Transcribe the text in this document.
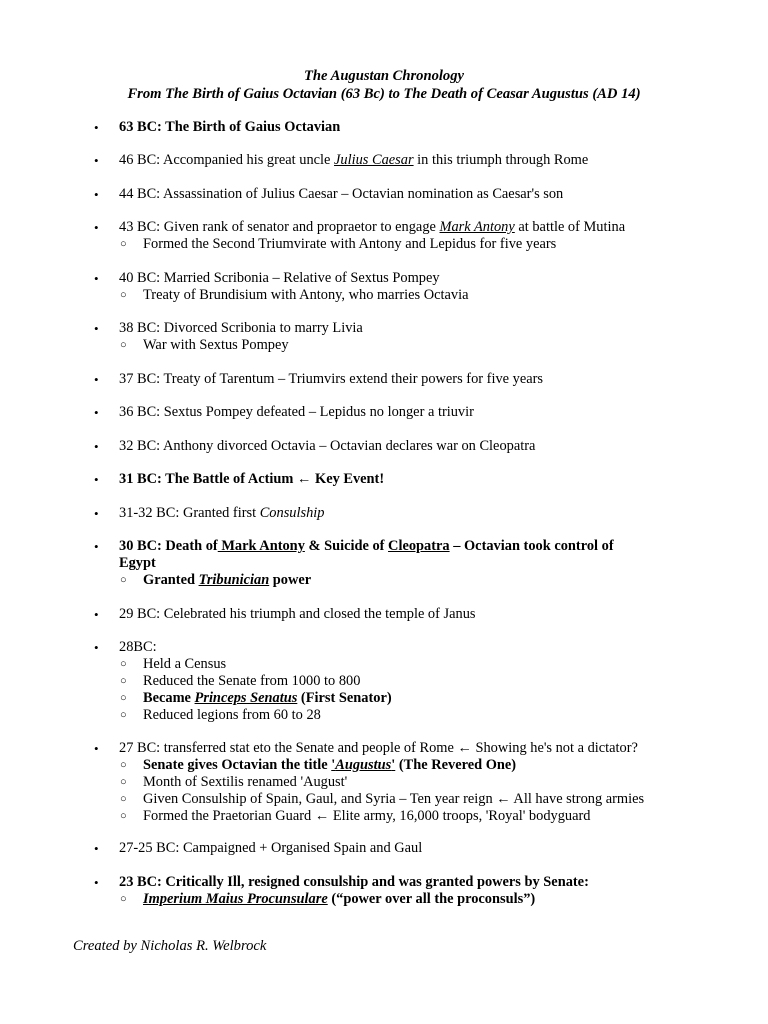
The Augustan Chronology
From The Birth of Gaius Octavian (63 Bc) to The Death of Ceasar Augustus (AD 14)
• 63 BC: The Birth of Gaius Octavian
• 46 BC: Accompanied his great uncle Julius Caesar in this triumph through Rome
• 44 BC: Assassination of Julius Caesar – Octavian nomination as Caesar's son
• 43 BC: Given rank of senator and propraetor to engage Mark Antony at battle of Mutina
○ Formed the Second Triumvirate with Antony and Lepidus for five years
• 40 BC: Married Scribonia – Relative of Sextus Pompey
○ Treaty of Brundisium with Antony, who marries Octavia
• 38 BC: Divorced Scribonia to marry Livia
○ War with Sextus Pompey
• 37 BC: Treaty of Tarentum – Triumvirs extend their powers for five years
• 36 BC: Sextus Pompey defeated – Lepidus no longer a triuvir
• 32 BC: Anthony divorced Octavia – Octavian declares war on Cleopatra
• 31 BC: The Battle of Actium ← Key Event!
• 31-32 BC: Granted first Consulship
• 30 BC: Death of Mark Antony & Suicide of Cleopatra – Octavian took control of
Egypt
○ Granted Tribunician power
• 29 BC: Celebrated his triumph and closed the temple of Janus
• 28BC:
○ Held a Census
○ Reduced the Senate from 1000 to 800
○ Became Princeps Senatus (First Senator)
○ Reduced legions from 60 to 28
• 27 BC: transferred stat eto the Senate and people of Rome ← Showing he's not a dictator?
○ Senate gives Octavian the title 'Augustus' (The Revered One)
○ Month of Sextilis renamed 'August'
○ Given Consulship of Spain, Gaul, and Syria – Ten year reign ← All have strong armies
○ Formed the Praetorian Guard ← Elite army, 16,000 troops, 'Royal' bodyguard
• 27-25 BC: Campaigned + Organised Spain and Gaul
• 23 BC: Critically Ill, resigned consulship and was granted powers by Senate:
○ Imperium Maius Procunsulare (“power over all the proconsuls”)
Created by Nicholas R. Welbrock
